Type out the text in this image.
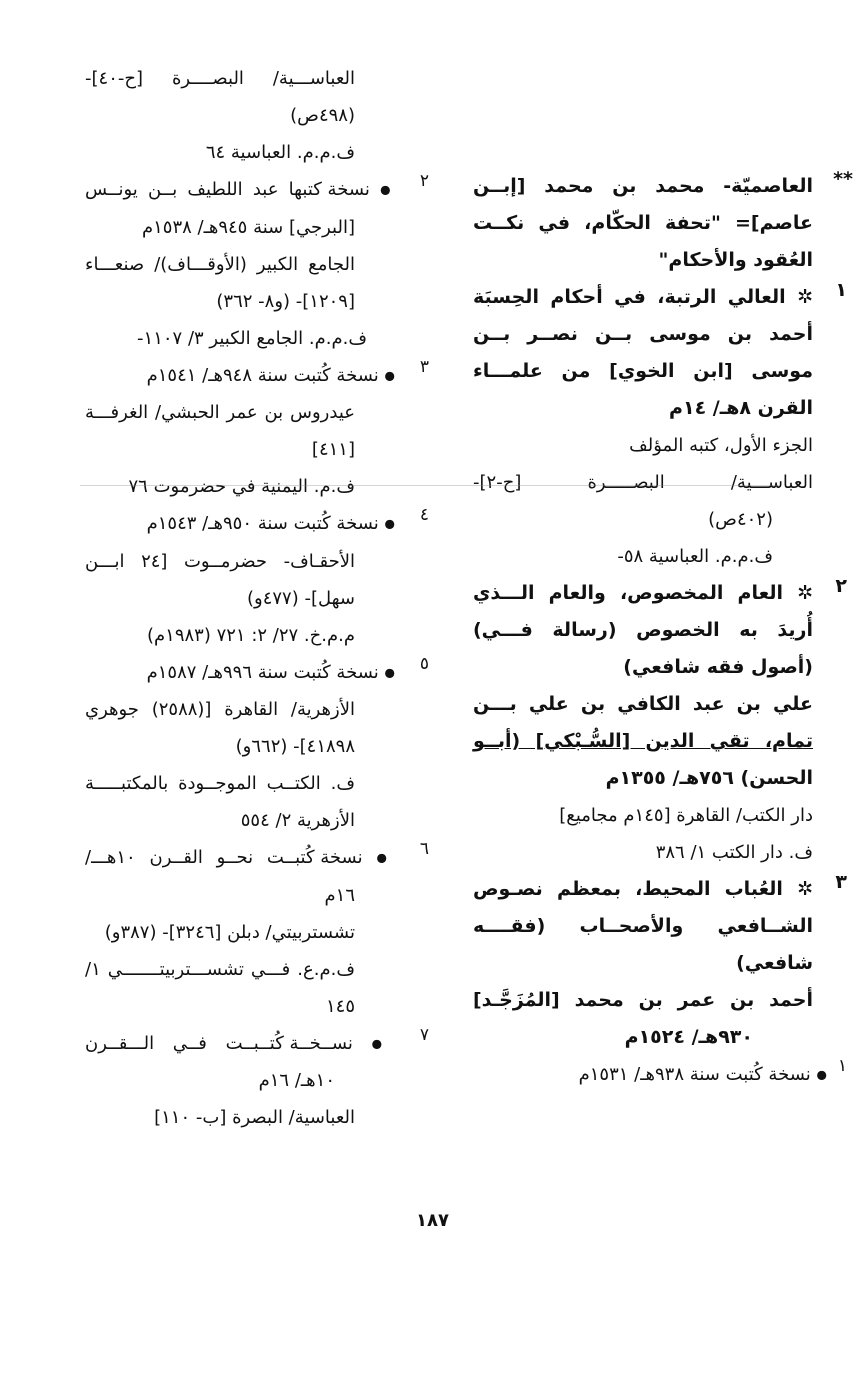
**

العاصميّة- محمد بن محمد [إبــن

عاصم]= "تحفة الحكّام، في نكــت

العُقود والأحكام"

١

✲ العالي الرتبة، في أحكام الحِسبَة

أحمد بن موسى بــن نصــر بــن

موسى [ابن الخوي] من علمـــاء

القرن ٨هـ/ ١٤م

الجزء الأول، كتبه المؤلف

العباســـية/ البصـــــرة [ح-٢]-

(٤٠٢ص)

ف.م.م. العباسية ٥٨-

٢

✲ العام المخصوص، والعام الـــذي

أُريدَ به الخصوص (رسالة فـــي)

(أصول فقه شافعي)

علي بن عبد الكافي بن علي بـــن

تمام، تقي الدين [السُّـبْكي] (أبــو

الحسن) ٧٥٦هـ/ ١٣٥٥م

دار الكتب/ القاهرة [١٤٥م مجاميع]

ف. دار الكتب ١/ ٣٨٦

٣

✲ العُباب المحيط، بمعظم نصـوص

الشــافعي والأصحــاب (فقــــه

شافعي)

أحمد بن عمر بن محمد [المُزَجَّـد]

٩٣٠هـ/ ١٥٢٤م

١

● نسخة كُتبت سنة ٩٣٨هـ/ ١٥٣١م

العباســـية/ البصــــرة [ح-٤٠]-

(٤٩٨ص)

ف.م.م. العباسية ٦٤

٢

● نسخة كتبها عبد اللطيف بــن يونــس

[البرجي] سنة ٩٤٥هـ/ ١٥٣٨م

الجامع الكبير (الأوقـــاف)/ صنعـــاء

[١٢٠٩]- (و٨- ٣٦٢)

ف.م.م. الجامع الكبير ٣/ ١١٠٧-

٣

● نسخة كُتبت سنة ٩٤٨هـ/ ١٥٤١م

عيدروس بن عمر الحبشي/ الغرفـــة

[٤١١]

ف.م. اليمنية في حضرموت ٧٦

٤

● نسخة كُتبت سنة ٩٥٠هـ/ ١٥٤٣م

الأحقـاف- حضرمــوت [٢٤ ابـــن

سهل]- (٤٧٧و)

م.م.خ. ٢٧/ ٢: ٧٢١ (١٩٨٣م)

٥

● نسخة كُتبت سنة ٩٩٦هـ/ ١٥٨٧م

الأزهرية/ القاهرة [(٢٥٨٨) جوهري

٤١٨٩٨]- (٦٦٢و)

ف. الكتــب الموجــودة بالمكتبـــــة

الأزهرية ٢/ ٥٥٤

٦

● نسخة كُتبــت نحــو القــرن ١٠هـــ/

١٦م

تشستربيتي/ دبلن [٣٢٤٦]- (٣٨٧و)

ف.م.ع. فـــي تشســـتربيتـــــــي ١/

١٤٥

٧

● نســخــة كُتــبــت فــي الـــقــرن

١٠هـ/ ١٦م

العباسية/ البصرة [ب- ١١٠]

١٨٧
